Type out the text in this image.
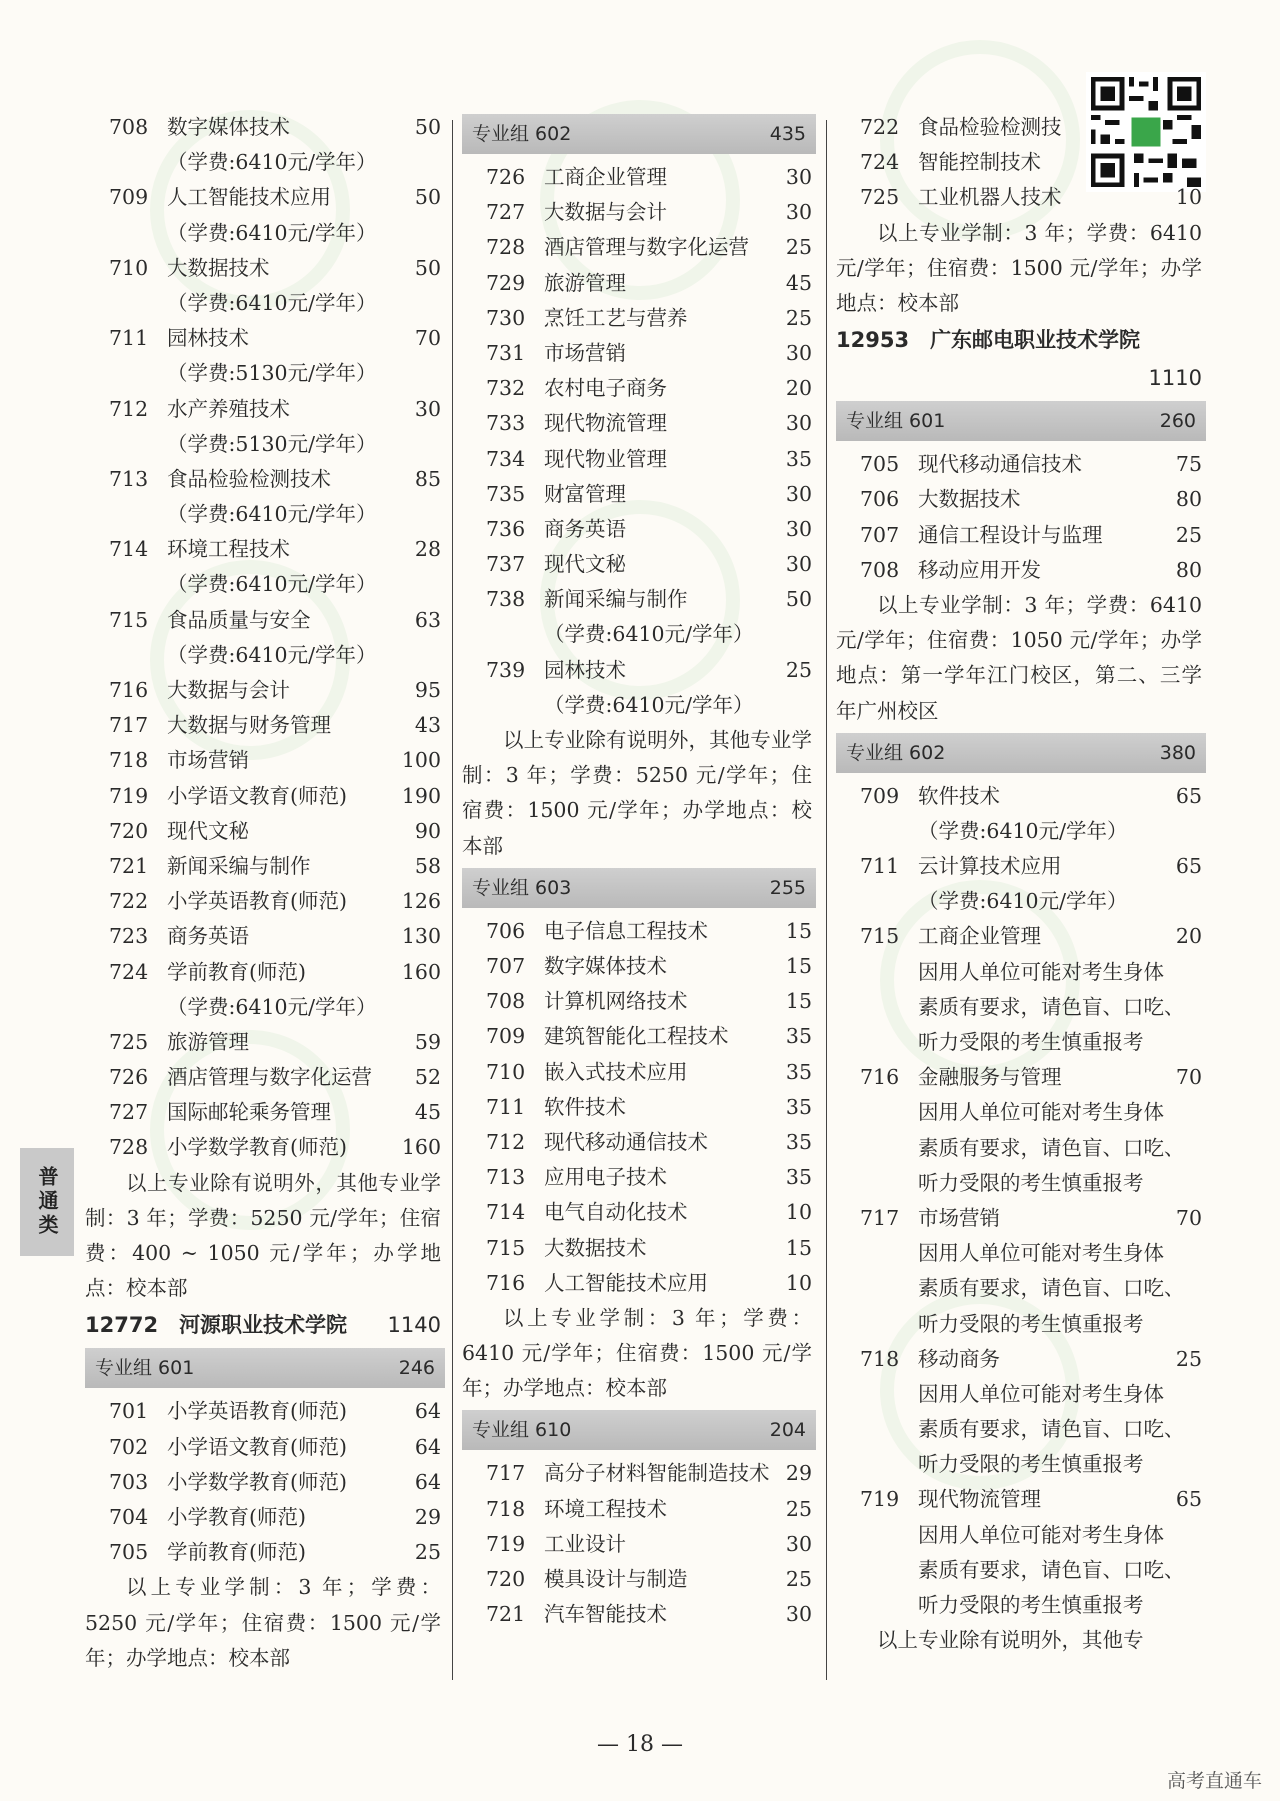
普通类
708 数字媒体技术	50
（学费:6410元/学年）
709 人工智能技术应用	50
（学费:6410元/学年）
710 大数据技术	50
（学费:6410元/学年）
711 园林技术	70
（学费:5130元/学年）
712 水产养殖技术	30
（学费:5130元/学年）
713 食品检验检测技术	85
（学费:6410元/学年）
714 环境工程技术	28
（学费:6410元/学年）
715 食品质量与安全	63
（学费:6410元/学年）
716 大数据与会计	95
717 大数据与财务管理	43
718 市场营销	100
719 小学语文教育(师范)	190
720 现代文秘	90
721 新闻采编与制作	58
722 小学英语教育(师范)	126
723 商务英语	130
724 学前教育(师范)	160
（学费:6410元/学年）
725 旅游管理	59
726 酒店管理与数字化运营 52
727 国际邮轮乘务管理	45
728 小学数学教育(师范)	160

以上专业除有说明外，其他专业学制：3 年；学费：5250 元/学年；住宿费：400 ~ 1050 元/学年；办学地点：校本部

12772  河源职业技术学院 1140
专业组 601	246
701 小学英语教育(师范)	64
702 小学语文教育(师范)	64
703 小学数学教育(师范)	64
704 小学教育(师范)	29
705 学前教育(师范)	25

以上专业学制：3 年；学费：5250 元/学年；住宿费：1500 元/学年；办学地点：校本部

专业组 602	435
726 工商企业管理	30
727 大数据与会计	30
728 酒店管理与数字化运营 25
729 旅游管理	45
730 烹饪工艺与营养	25
731 市场营销	30
732 农村电子商务	20
733 现代物流管理	30
734 现代物业管理	35
735 财富管理	30
736 商务英语	30
737 现代文秘	30
738 新闻采编与制作	50
（学费:6410元/学年）
739 园林技术	25
（学费:6410元/学年）

以上专业除有说明外，其他专业学制：3 年；学费：5250 元/学年；住宿费：1500 元/学年；办学地点：校本部

专业组 603	255
706 电子信息工程技术	15
707 数字媒体技术	15
708 计算机网络技术	15
709 建筑智能化工程技术	35
710 嵌入式技术应用	35
711 软件技术	35
712 现代移动通信技术	35
713 应用电子技术	35
714 电气自动化技术	10
715 大数据技术	15
716 人工智能技术应用	10

以上专业学制：3 年；学费：6410 元/学年；住宿费：1500 元/学年；办学地点：校本部

专业组 610	204
717 高分子材料智能制造技术 29
718 环境工程技术	25
719 工业设计	30
720 模具设计与制造	25
721 汽车智能技术	30
722 食品检验检测技
724 智能控制技术
725 工业机器人技术	10

以上专业学制：3 年；学费：6410 元/学年；住宿费：1500 元/学年；办学地点：校本部

12953  广东邮电职业技术学院
1110
专业组 601	260
705 现代移动通信技术	75
706 大数据技术	80
707 通信工程设计与监理	25
708 移动应用开发	80

以上专业学制：3 年；学费：6410 元/学年；住宿费：1050 元/学年；办学地点：第一学年江门校区，第二、三学年广州校区

专业组 602	380
709 软件技术	65
（学费:6410元/学年）
711 云计算技术应用	65
（学费:6410元/学年）
715 工商企业管理	20
因用人单位可能对考生身体
素质有要求，请色盲、口吃、
听力受限的考生慎重报考
716 金融服务与管理	70
因用人单位可能对考生身体
素质有要求，请色盲、口吃、
听力受限的考生慎重报考
717 市场营销	70
因用人单位可能对考生身体
素质有要求，请色盲、口吃、
听力受限的考生慎重报考
718 移动商务	25
因用人单位可能对考生身体
素质有要求，请色盲、口吃、
听力受限的考生慎重报考
719 现代物流管理	65
因用人单位可能对考生身体
素质有要求，请色盲、口吃、
听力受限的考生慎重报考

以上专业除有说明外，其他专

— 18 —
高考直通车
